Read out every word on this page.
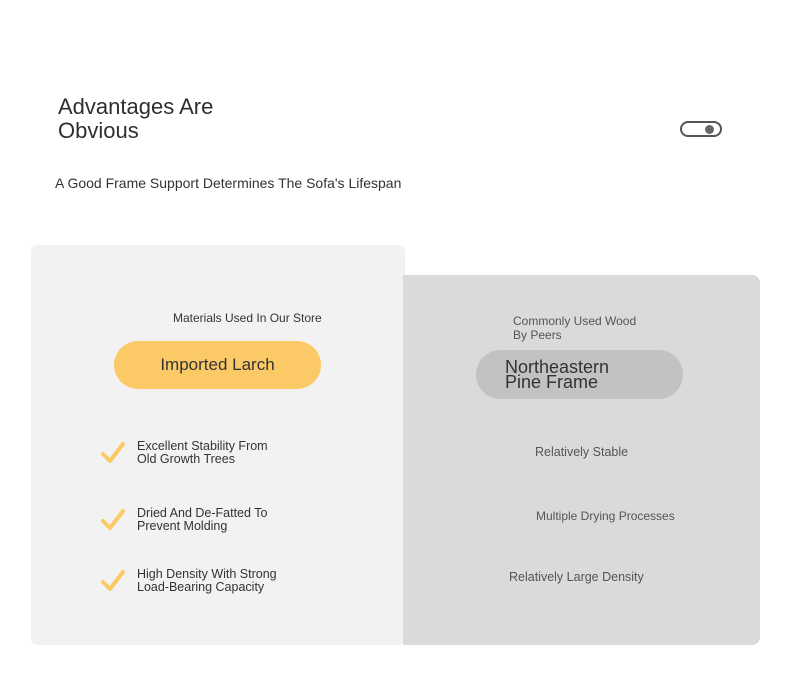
Advantages Are
Obvious
A Good Frame Support Determines The Sofa's Lifespan
Materials Used In Our Store
Imported Larch
Commonly Used Wood
By Peers
Northeastern
Pine Frame
Excellent Stability From
Old Growth Trees
Dried And De-Fatted To
Prevent Molding
High Density With Strong
Load-Bearing Capacity
Relatively Stable
Multiple Drying Processes
Relatively Large Density
